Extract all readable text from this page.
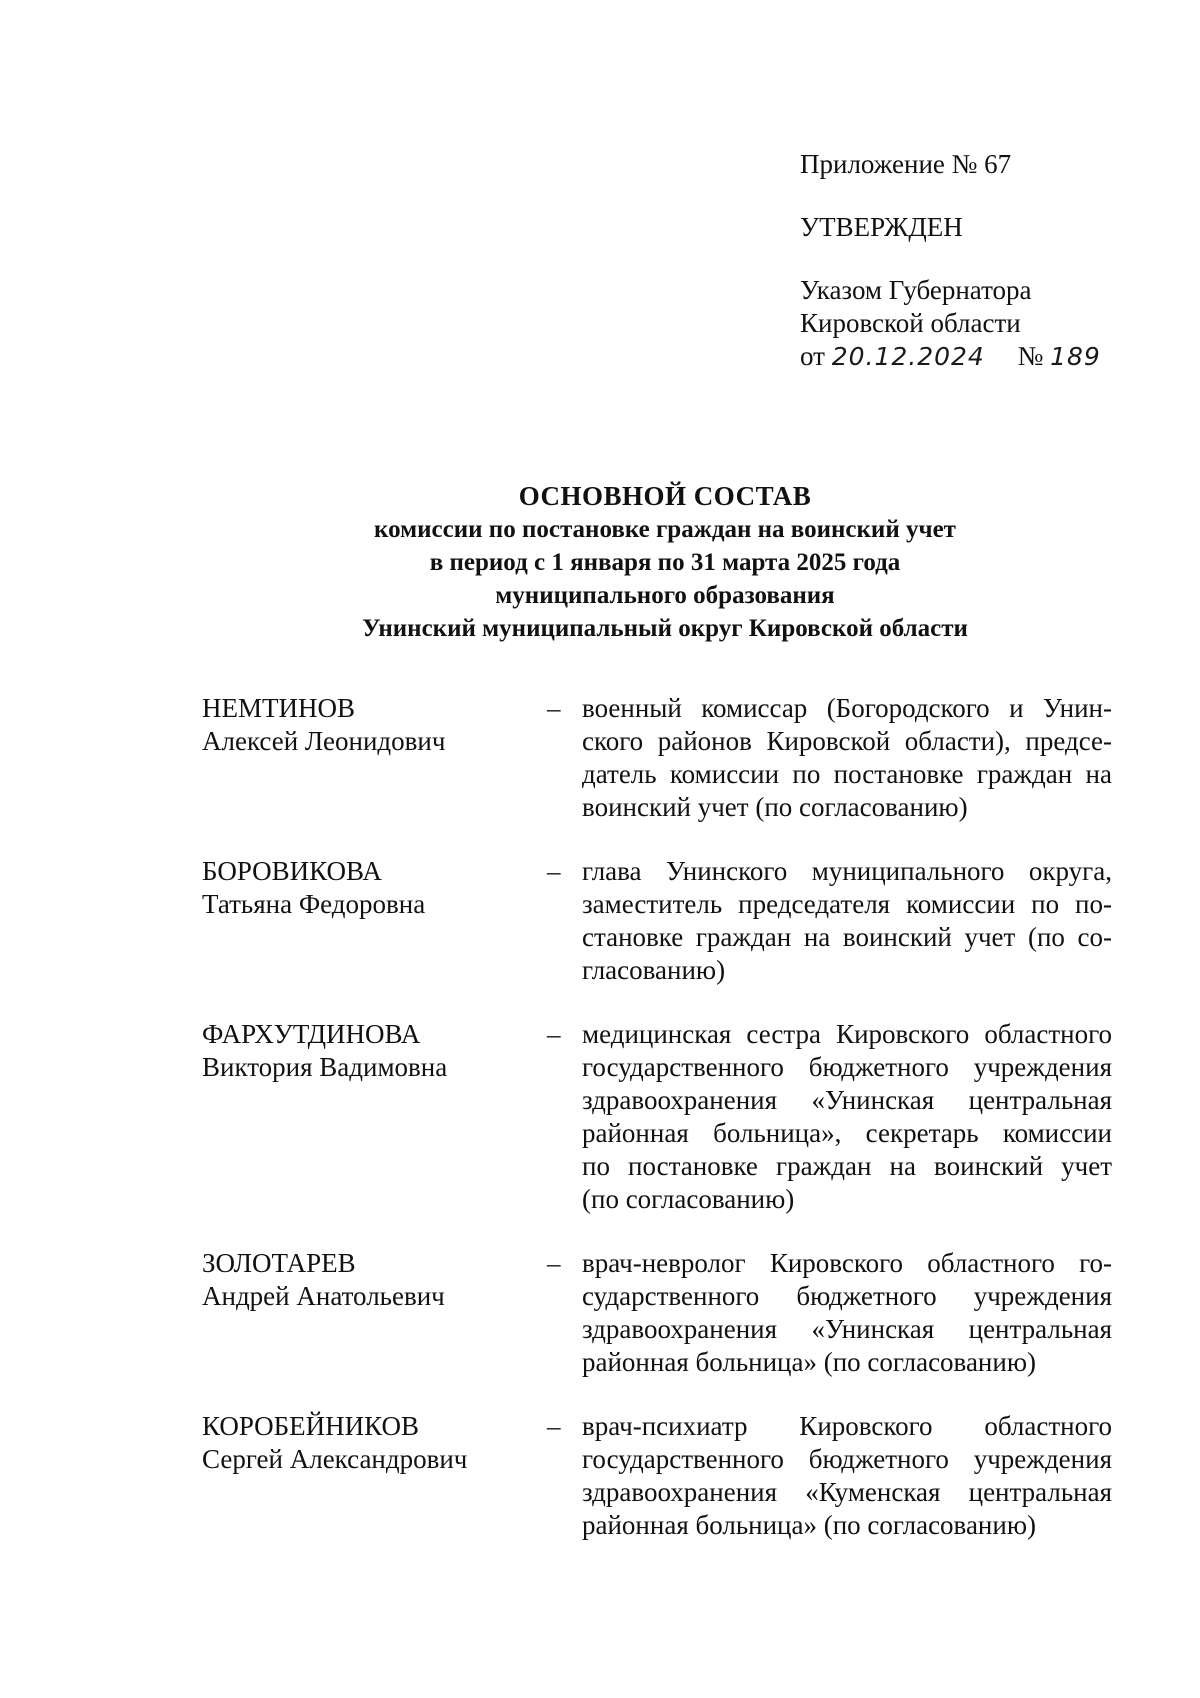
Приложение № 67
УТВЕРЖДЕН
Указом Губернатора
Кировской области
от 20.12.2024 № 189
ОСНОВНОЙ СОСТАВ
комиссии по постановке граждан на воинский учет
в период с 1 января по 31 марта 2025 года
муниципального образования
Унинский муниципальный округ Кировской области
НЕМТИНОВ
Алексей Леонидович
– военный комиссар (Богородского и Унин-
ского районов Кировской области), предсе-
датель комиссии по постановке граждан на
воинский учет (по согласованию)
БОРОВИКОВА
Татьяна Федоровна
– глава Унинского муниципального округа,
заместитель председателя комиссии по по-
становке граждан на воинский учет (по со-
гласованию)
ФАРХУТДИНОВА
Виктория Вадимовна
– медицинская сестра Кировского областного
государственного бюджетного учреждения
здравоохранения «Унинская центральная
районная больница», секретарь комиссии
по постановке граждан на воинский учет
(по согласованию)
ЗОЛОТАРЕВ
Андрей Анатольевич
– врач-невролог Кировского областного го-
сударственного бюджетного учреждения
здравоохранения «Унинская центральная
районная больница» (по согласованию)
КОРОБЕЙНИКОВ
Сергей Александрович
– врач-психиатр Кировского областного
государственного бюджетного учреждения
здравоохранения «Куменская центральная
районная больница» (по согласованию)
